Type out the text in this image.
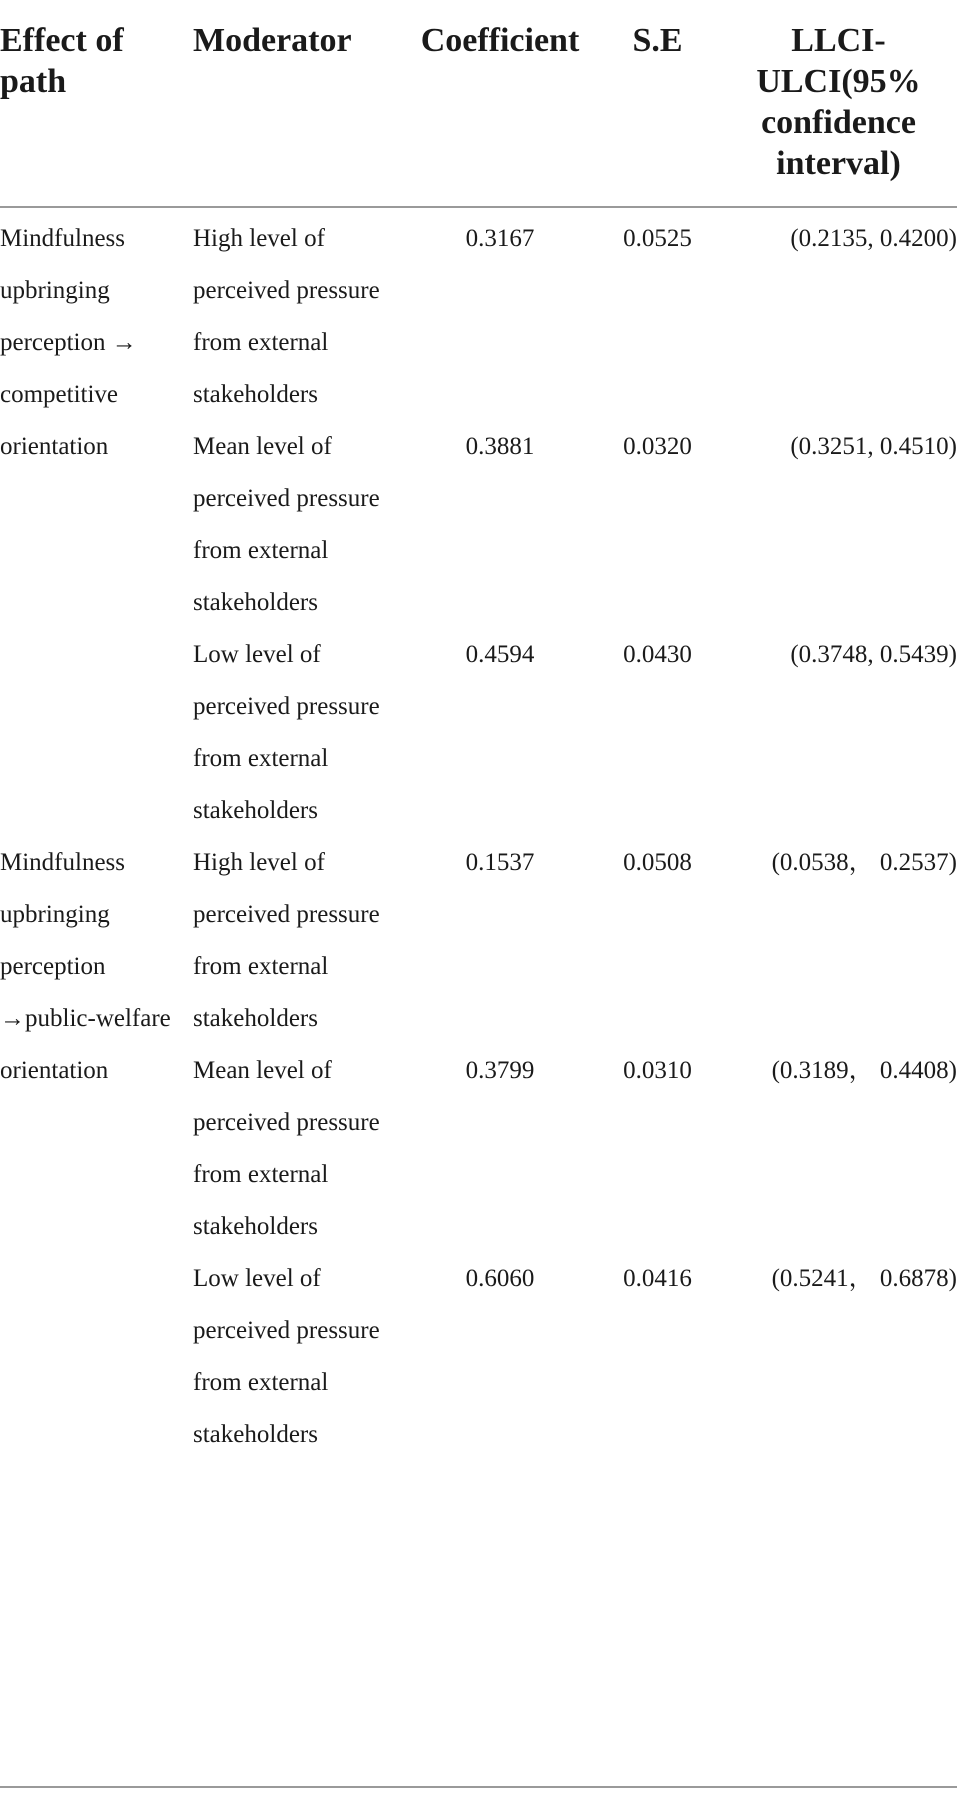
Effect of path	Moderator	Coefficient	S.E	LLCI-ULCI(95% confidence interval)
Mindfulness upbringing perception → competitive orientation	High level of perceived pressure from external stakeholders	0.3167	0.0525	(0.2135, 0.4200)
	Mean level of perceived pressure from external stakeholders	0.3881	0.0320	(0.3251, 0.4510)
	Low level of perceived pressure from external stakeholders	0.4594	0.0430	(0.3748, 0.5439)
Mindfulness upbringing perception →public-welfare orientation	High level of perceived pressure from external stakeholders	0.1537	0.0508	(0.0538， 0.2537)
	Mean level of perceived pressure from external stakeholders	0.3799	0.0310	(0.3189， 0.4408)
	Low level of perceived pressure from external stakeholders	0.6060	0.0416	(0.5241， 0.6878)
